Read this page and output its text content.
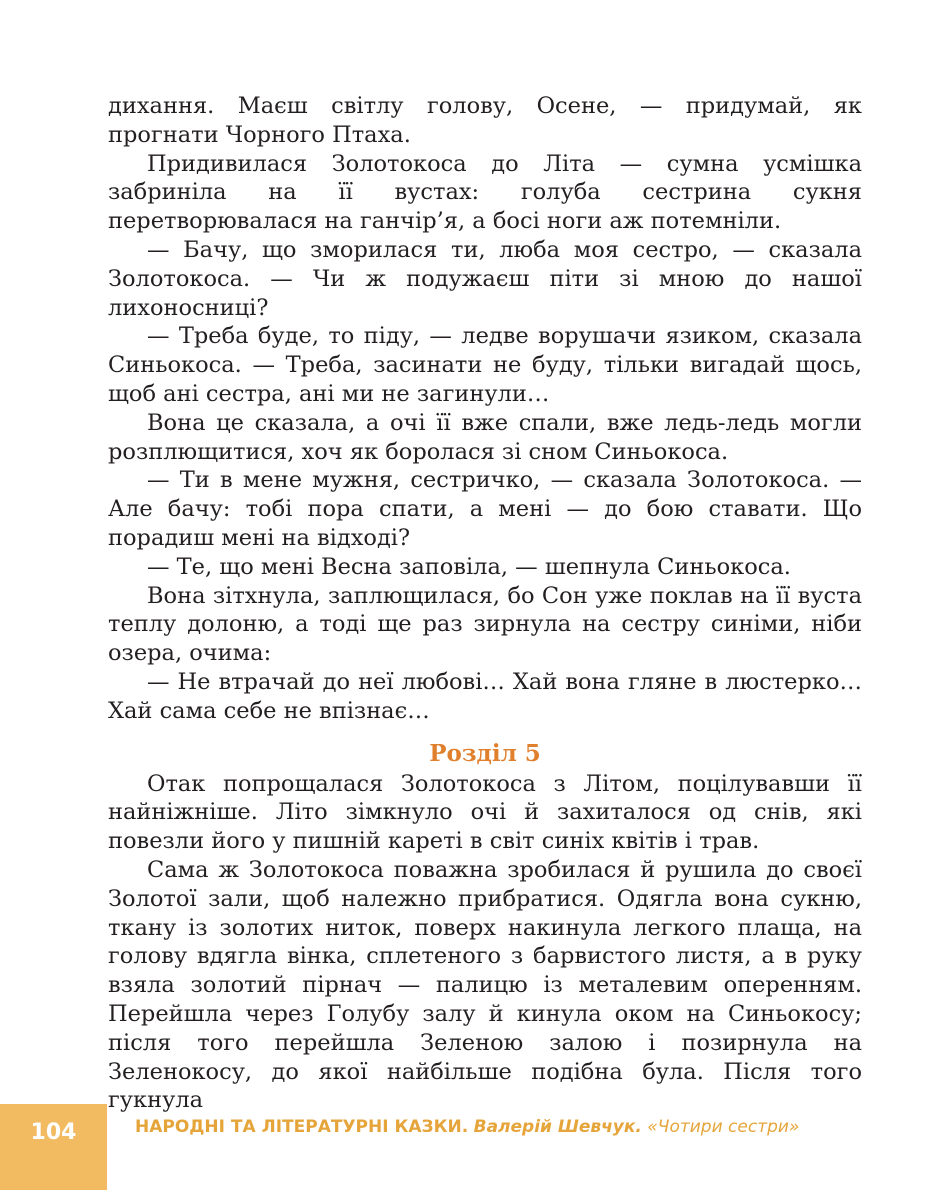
дихання. Маєш світлу голову, Осене, — придумай, як прогнати Чорного Птаха.

Придивилася Золотокоса до Літа — сумна усмішка забринiла на її вустах: голуба сестрина сукня перетворювалася на ганчір’я, а босі ноги аж потемніли.

— Бачу, що зморилася ти, люба моя сестро, — сказала Золотокоса. — Чи ж подужаєш піти зі мною до нашої лихоносниці?

— Треба буде, то піду, — ледве ворушачи язиком, сказала Синьокоса. — Треба, засинати не буду, тільки вигадай щось, щоб ані сестра, ані ми не загинули…

Вона це сказала, а очі її вже спали, вже ледь-ледь могли розплющитися, хоч як боролася зі сном Синьокоса.

— Ти в мене мужня, сестричко, — сказала Золотокоса. — Але бачу: тобі пора спати, а мені — до бою ставати. Що порадиш мені на відході?

— Те, що мені Весна заповіла, — шепнула Синьокоса.

Вона зітхнула, заплющилася, бо Сон уже поклав на її вуста теплу долоню, а тоді ще раз зирнула на сестру синіми, ніби озера, очима:

— Не втрачай до неї любові… Хай вона гляне в люстерко… Хай сама себе не впізнає…

Розділ 5

Отак попрощалася Золотокоса з Літом, поцілувавши її найніжніше. Літо зімкнуло очі й захиталося од снів, які повезли його у пишній кареті в світ синіх квітів і трав.

Сама ж Золотокоса поважна зробилася й рушила до своєї Золотої зали, щоб належно прибратися. Одягла вона сукню, ткану із золотих ниток, поверх накинула легкого плаща, на голову вдягла вінка, сплетеного з барвистого листя, а в руку взяла золотий пірнач — палицю із металевим оперенням. Перейшла через Голубу залу й кинула оком на Синьокосу; після того перейшла Зеленою залою і позирнула на Зеленокосу, до якої найбільше подібна була. Після того гукнула

104	НАРОДНІ ТА ЛІТЕРАТУРНІ КАЗКИ. Валерій Шевчук. «Чотири сестри»
